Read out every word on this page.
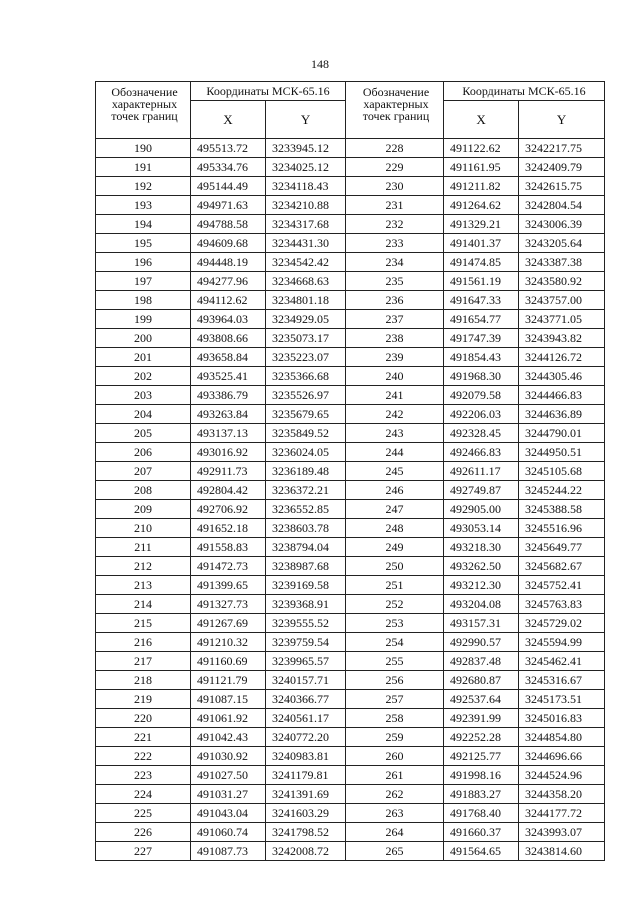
148
Обозначение характерных точек границ	Координаты МСК-65.16		Обозначение характерных точек границ	Координаты МСК-65.16	
	X	Y		X	Y
190	495513.72	3233945.12	228	491122.62	3242217.75
191	495334.76	3234025.12	229	491161.95	3242409.79
192	495144.49	3234118.43	230	491211.82	3242615.75
193	494971.63	3234210.88	231	491264.62	3242804.54
194	494788.58	3234317.68	232	491329.21	3243006.39
195	494609.68	3234431.30	233	491401.37	3243205.64
196	494448.19	3234542.42	234	491474.85	3243387.38
197	494277.96	3234668.63	235	491561.19	3243580.92
198	494112.62	3234801.18	236	491647.33	3243757.00
199	493964.03	3234929.05	237	491654.77	3243771.05
200	493808.66	3235073.17	238	491747.39	3243943.82
201	493658.84	3235223.07	239	491854.43	3244126.72
202	493525.41	3235366.68	240	491968.30	3244305.46
203	493386.79	3235526.97	241	492079.58	3244466.83
204	493263.84	3235679.65	242	492206.03	3244636.89
205	493137.13	3235849.52	243	492328.45	3244790.01
206	493016.92	3236024.05	244	492466.83	3244950.51
207	492911.73	3236189.48	245	492611.17	3245105.68
208	492804.42	3236372.21	246	492749.87	3245244.22
209	492706.92	3236552.85	247	492905.00	3245388.58
210	491652.18	3238603.78	248	493053.14	3245516.96
211	491558.83	3238794.04	249	493218.30	3245649.77
212	491472.73	3238987.68	250	493262.50	3245682.67
213	491399.65	3239169.58	251	493212.30	3245752.41
214	491327.73	3239368.91	252	493204.08	3245763.83
215	491267.69	3239555.52	253	493157.31	3245729.02
216	491210.32	3239759.54	254	492990.57	3245594.99
217	491160.69	3239965.57	255	492837.48	3245462.41
218	491121.79	3240157.71	256	492680.87	3245316.67
219	491087.15	3240366.77	257	492537.64	3245173.51
220	491061.92	3240561.17	258	492391.99	3245016.83
221	491042.43	3240772.20	259	492252.28	3244854.80
222	491030.92	3240983.81	260	492125.77	3244696.66
223	491027.50	3241179.81	261	491998.16	3244524.96
224	491031.27	3241391.69	262	491883.27	3244358.20
225	491043.04	3241603.29	263	491768.40	3244177.72
226	491060.74	3241798.52	264	491660.37	3243993.07
227	491087.73	3242008.72	265	491564.65	3243814.60
